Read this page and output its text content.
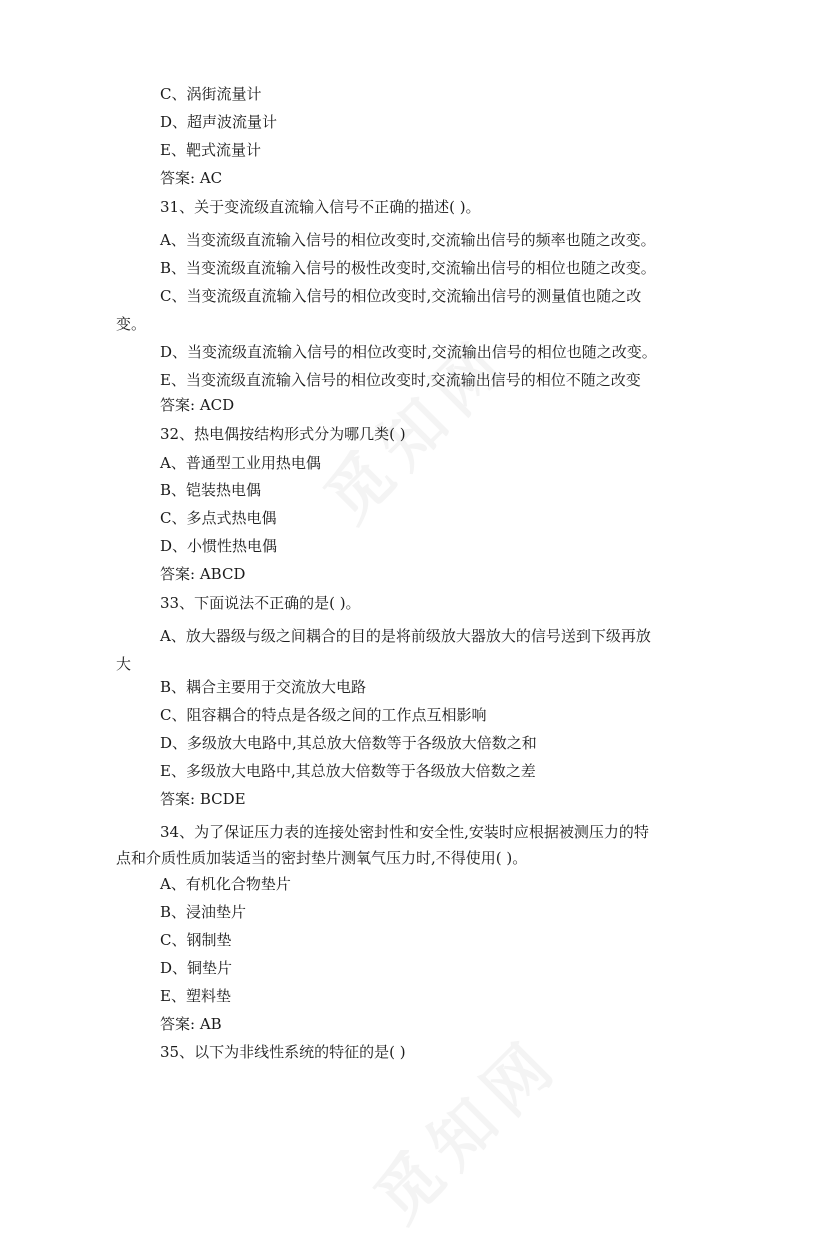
C、涡街流量计
D、超声波流量计
E、靶式流量计
答案: AC
31、关于变流级直流输入信号不正确的描述( )。
A、当变流级直流输入信号的相位改变时,交流输出信号的频率也随之改变。
B、当变流级直流输入信号的极性改变时,交流输出信号的相位也随之改变。
C、当变流级直流输入信号的相位改变时,交流输出信号的测量值也随之改
变。
D、当变流级直流输入信号的相位改变时,交流输出信号的相位也随之改变。
E、当变流级直流输入信号的相位改变时,交流输出信号的相位不随之改变
答案: ACD
32、热电偶按结构形式分为哪几类( )
A、普通型工业用热电偶
B、铠装热电偶
C、多点式热电偶
D、小惯性热电偶
答案: ABCD
33、下面说法不正确的是( )。
A、放大器级与级之间耦合的目的是将前级放大器放大的信号送到下级再放
大
B、耦合主要用于交流放大电路
C、阻容耦合的特点是各级之间的工作点互相影响
D、多级放大电路中,其总放大倍数等于各级放大倍数之和
E、多级放大电路中,其总放大倍数等于各级放大倍数之差
答案: BCDE
34、为了保证压力表的连接处密封性和安全性,安装时应根据被测压力的特
点和介质性质加装适当的密封垫片测氧气压力时,不得使用( )。
A、有机化合物垫片
B、浸油垫片
C、钢制垫
D、铜垫片
E、塑料垫
答案: AB
35、以下为非线性系统的特征的是( )
